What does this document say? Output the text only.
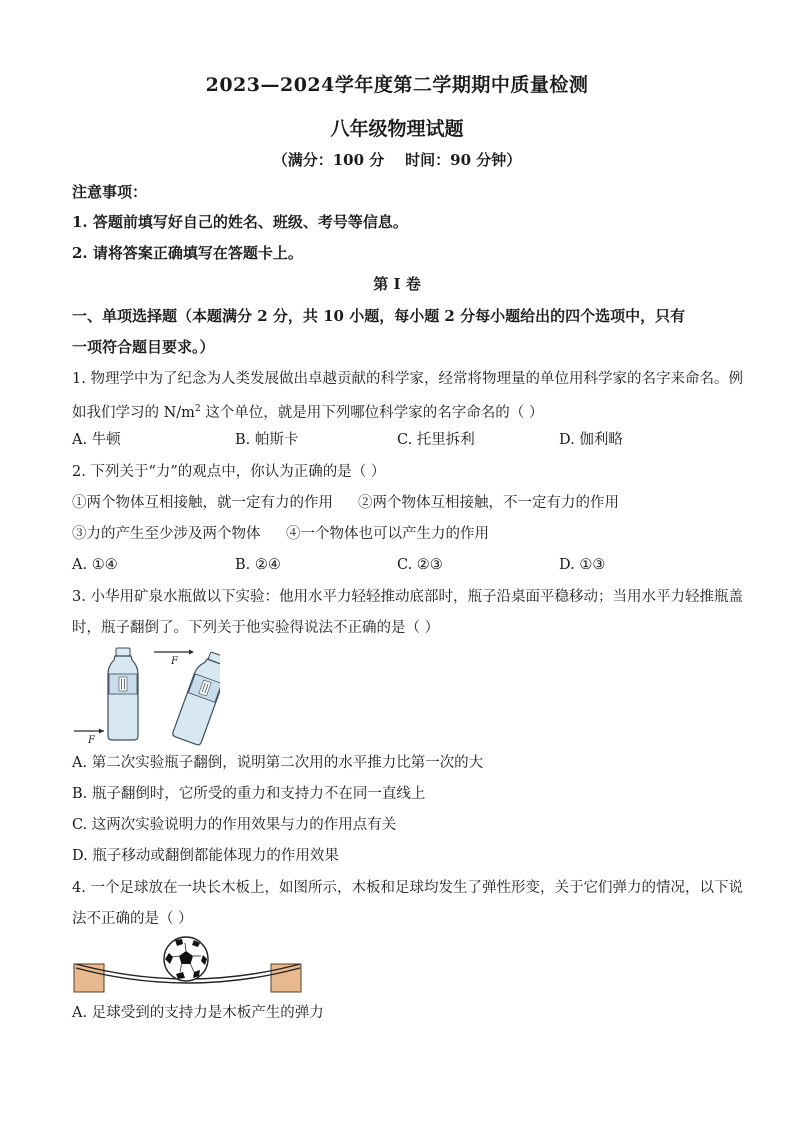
2023—2024学年度第二学期期中质量检测
八年级物理试题
（满分：100 分    时间：90 分钟）
注意事项：
1. 答题前填写好自己的姓名、班级、考号等信息。
2. 请将答案正确填写在答题卡上。
第 I 卷
一、单项选择题（本题满分 2 分，共 10 小题，每小题 2 分每小题给出的四个选项中，只有
一项符合题目要求。）
1. 物理学中为了纪念为人类发展做出卓越贡献的科学家，经常将物理量的单位用科学家的名字来命名。例
如我们学习的 $N/m^2$ 这个单位，就是用下列哪位科学家的名字命名的（ ）
A. 牛顿	B. 帕斯卡	C. 托里拆利	D. 伽利略
2. 下列关于“力”的观点中，你认为正确的是（ ）
①两个物体互相接触，就一定有力的作用 ②两个物体互相接触，不一定有力的作用
③力的产生至少涉及两个物体 ④一个物体也可以产生力的作用
A. ①④	B. ②④	C. ②③	D. ①③
3. 小华用矿泉水瓶做以下实验：他用水平力轻轻推动底部时，瓶子沿桌面平稳移动；当用水平力轻推瓶盖
时，瓶子翻倒了。下列关于他实验得说法不正确的是（ ）
F
F
A. 第二次实验瓶子翻倒，说明第二次用的水平推力比第一次的大
B. 瓶子翻倒时，它所受的重力和支持力不在同一直线上
C. 这两次实验说明力的作用效果与力的作用点有关
D. 瓶子移动或翻倒都能体现力的作用效果
4. 一个足球放在一块长木板上，如图所示，木板和足球均发生了弹性形变，关于它们弹力的情况，以下说
法不正确的是（ ）
A. 足球受到的支持力是木板产生的弹力
